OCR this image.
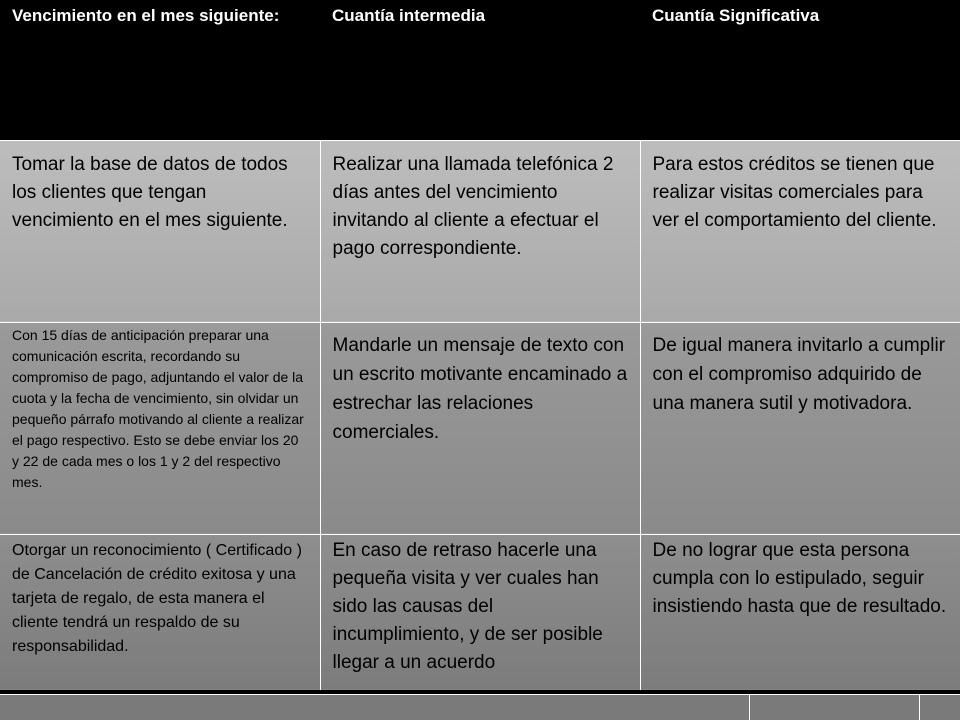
Vencimiento en el mes siguiente:	Cuantía intermedia	Cuantía Significativa
Tomar la base de datos de todos los clientes que tengan vencimiento en el mes siguiente.	Realizar una llamada telefónica 2 días antes del vencimiento invitando al cliente a efectuar el pago correspondiente.	Para estos créditos se tienen que realizar visitas comerciales para ver el comportamiento del cliente.
Con 15 días de anticipación preparar una comunicación escrita, recordando su compromiso de pago, adjuntando el valor de la cuota y la fecha de vencimiento, sin olvidar un pequeño párrafo motivando al cliente a realizar el pago respectivo. Esto se debe enviar los 20 y 22 de cada mes o los 1 y 2 del respectivo mes.	Mandarle un mensaje de texto con un escrito motivante encaminado a estrechar las relaciones comerciales.	De igual manera invitarlo a cumplir con el compromiso adquirido de una manera sutil y motivadora.
Otorgar un reconocimiento ( Certificado ) de Cancelación de crédito exitosa y una tarjeta de regalo, de esta manera el cliente tendrá un respaldo de su responsabilidad.	En caso de retraso hacerle una pequeña visita y ver cuales han sido las causas del incumplimiento, y de ser posible llegar a un acuerdo	De no lograr que esta persona cumpla con lo estipulado, seguir insistiendo hasta que de resultado.
